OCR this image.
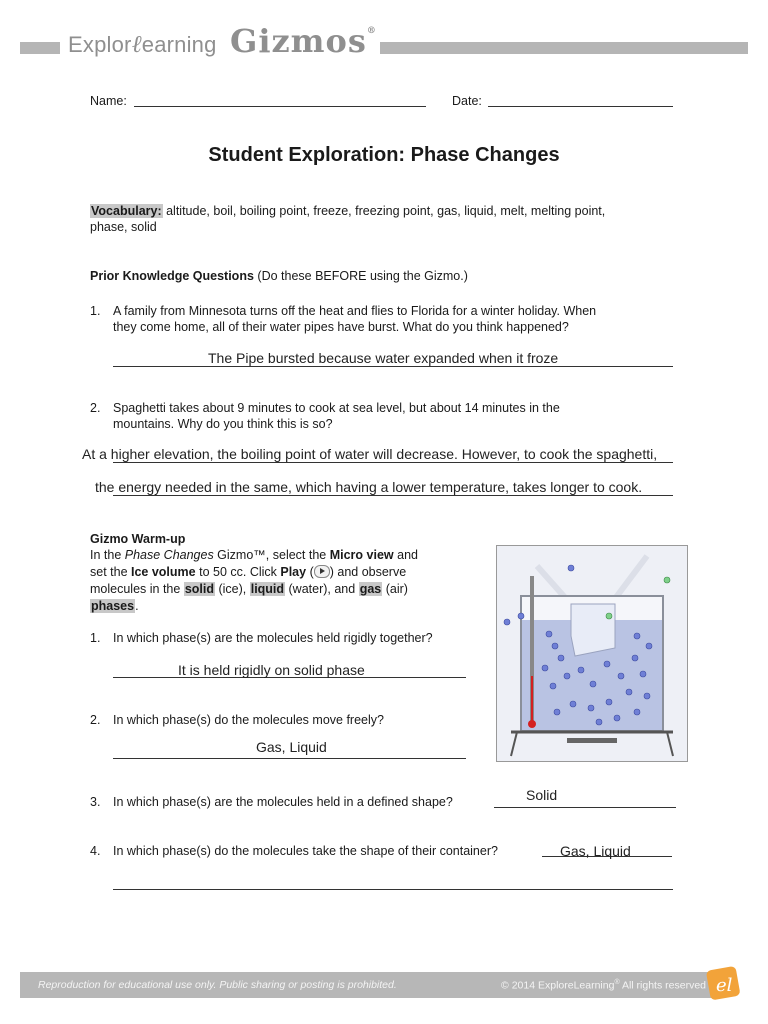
Explorℓearning Gizmos®
Name:	Date:
Student Exploration: Phase Changes
Vocabulary: altitude, boil, boiling point, freeze, freezing point, gas, liquid, melt, melting point,
phase, solid
Prior Knowledge Questions (Do these BEFORE using the Gizmo.)
1. A family from Minnesota turns off the heat and flies to Florida for a winter holiday. When
they come home, all of their water pipes have burst. What do you think happened?
The Pipe bursted because water expanded when it froze
2. Spaghetti takes about 9 minutes to cook at sea level, but about 14 minutes in the
mountains. Why do you think this is so?
At a higher elevation, the boiling point of water will decrease. However, to cook the spaghetti,
the energy needed in the same, which having a lower temperature, takes longer to cook.
Gizmo Warm-up
In the Phase Changes Gizmo™, select the Micro view and
set the Ice volume to 50 cc. Click Play ( ) and observe
molecules in the solid (ice), liquid (water), and gas (air)
phases.
1. In which phase(s) are the molecules held rigidly together?
It is held rigidly on solid phase
2. In which phase(s) do the molecules move freely?
Gas, Liquid
3. In which phase(s) are the molecules held in a defined shape?	Solid
4. In which phase(s) do the molecules take the shape of their container?	Gas, Liquid
Reproduction for educational use only. Public sharing or posting is prohibited.	© 2014 ExploreLearning® All rights reserved el
